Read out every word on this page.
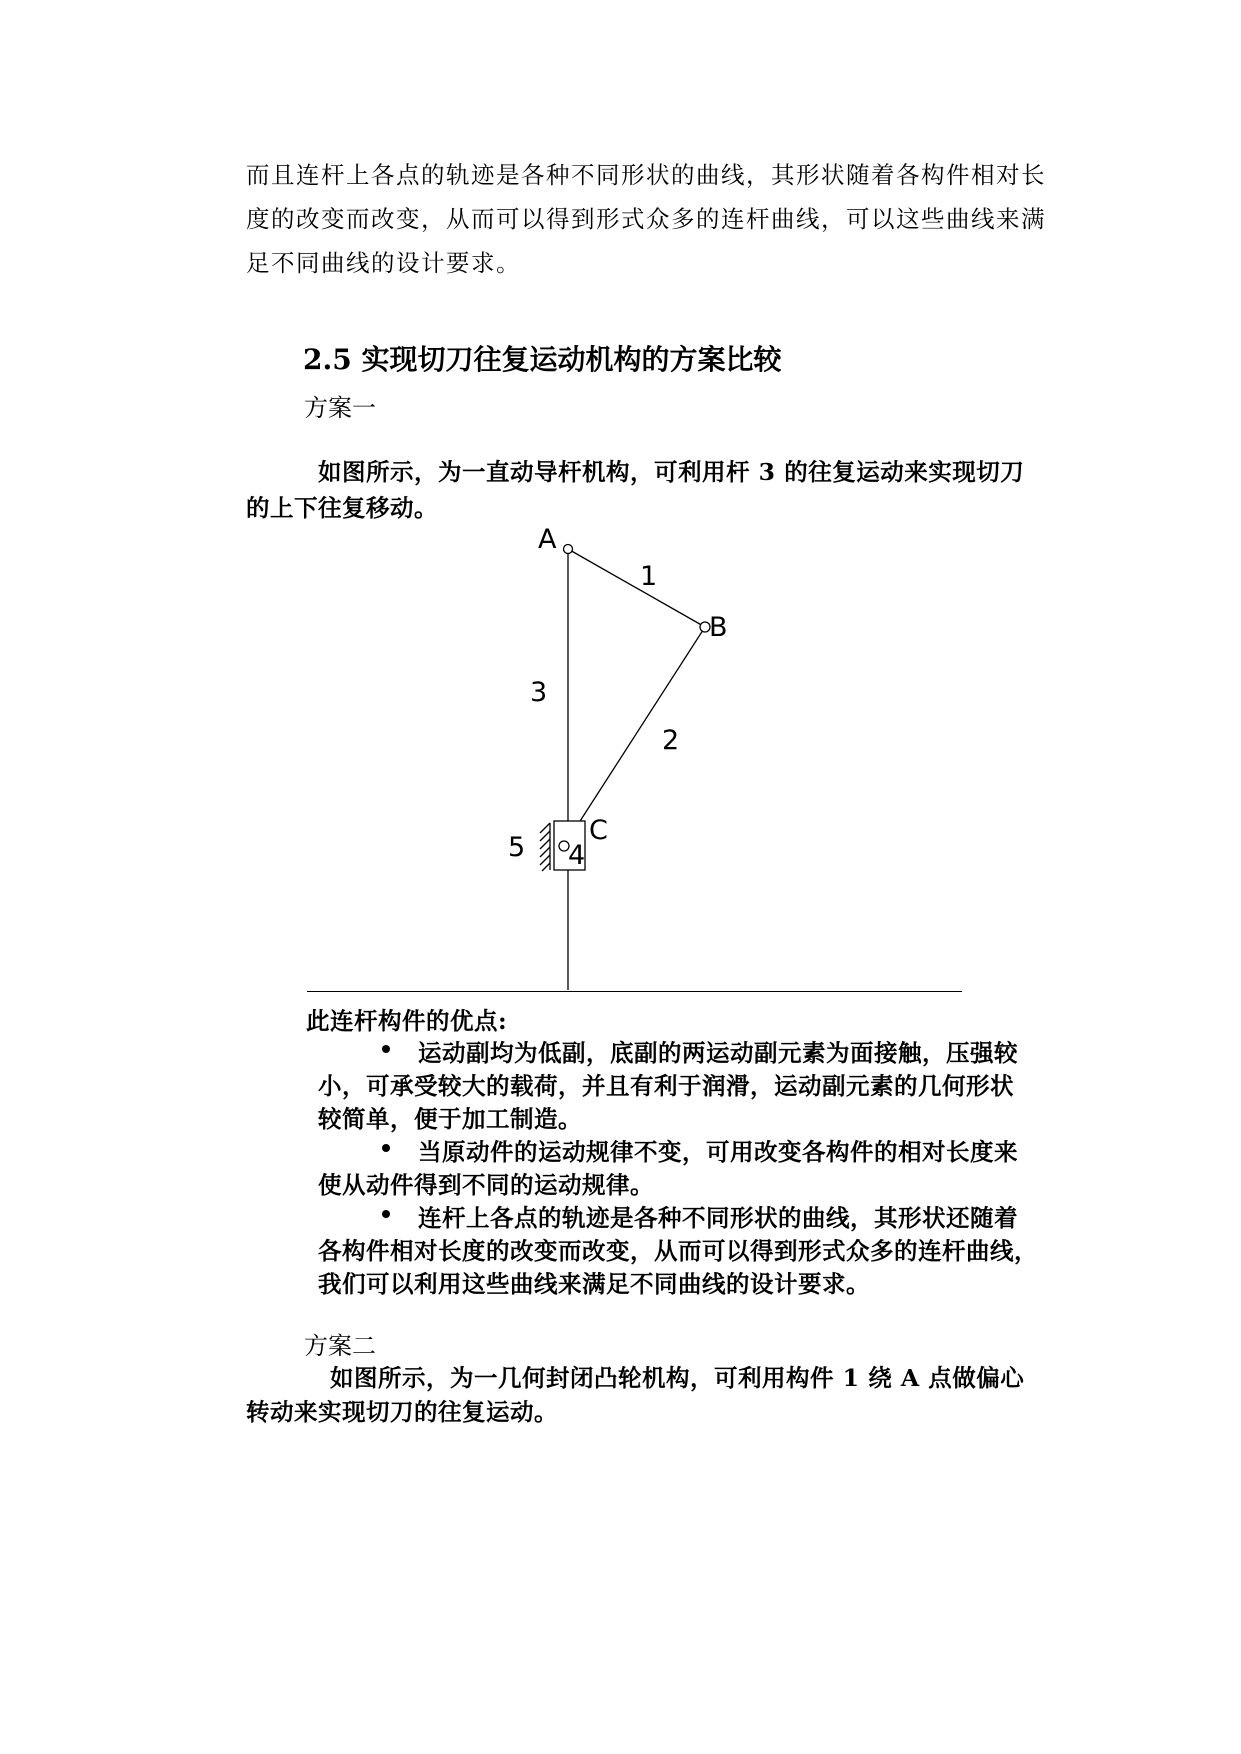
而且连杆上各点的轨迹是各种不同形状的曲线，其形状随着各构件相对长
度的改变而改变，从而可以得到形式众多的连杆曲线，可以这些曲线来满
足不同曲线的设计要求。
2.5 实现切刀往复运动机构的方案比较
方案一
如图所示，为一直动导杆机构，可利用杆 3 的往复运动来实现切刀
的上下往复移动。
A
B
C
1
2
3
4
5
此连杆构件的优点:
运动副均为低副，底副的两运动副元素为面接触，压强较
小，可承受较大的载荷，并且有利于润滑，运动副元素的几何形状
较简单，便于加工制造。
当原动件的运动规律不变，可用改变各构件的相对长度来
使从动件得到不同的运动规律。
连杆上各点的轨迹是各种不同形状的曲线，其形状还随着
各构件相对长度的改变而改变，从而可以得到形式众多的连杆曲线，
我们可以利用这些曲线来满足不同曲线的设计要求。
方案二
如图所示，为一几何封闭凸轮机构，可利用构件 1 绕 A 点做偏心
转动来实现切刀的往复运动。
